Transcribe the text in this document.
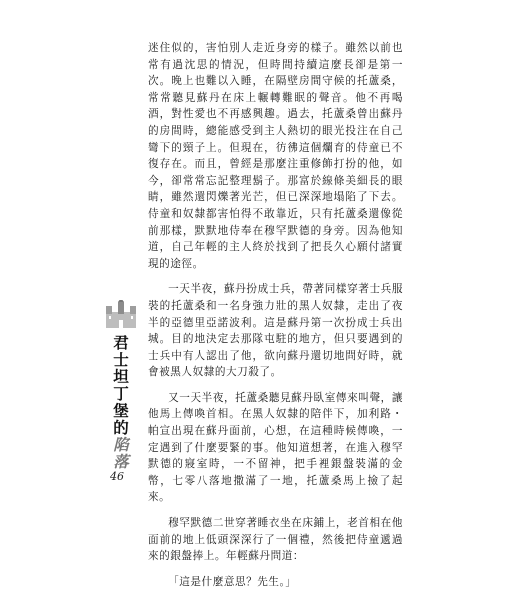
君
士
坦
丁
堡
的
陷
落
46

迷住似的，害怕別人走近身旁的樣子。雖然以前也常有過沈思的情況，但時間持續這麼長卻是第一次。晚上也難以入睡，在隔壁房間守候的托蘆桑，常常聽見蘇丹在床上輾轉難眠的聲音。他不再喝酒，對性愛也不再感興趣。過去，托蘆桑曾出蘇丹的房間時，總能感受到主人熱切的眼光投注在自己彎下的頸子上。但現在，彷彿這個爛育的侍童已不復存在。而且，曾經是那麼注重修飾打扮的他，如今，卻常常忘記整理鬍子。那富於線條美細長的眼睛，雖然還閃爍著光芒，但已深深地塌陷了下去。侍童和奴隸都害怕得不敢靠近，只有托蘆桑還像從前那樣，默默地侍奉在穆罕默德的身旁。因為他知道，自己年輕的主人終於找到了把長久心願付諸實現的途徑。

一天半夜，蘇丹扮成士兵，帶著同樣穿著士兵服裝的托蘆桑和一名身強力壯的黑人奴隸，走出了夜半的亞德里亞諾波利。這是蘇丹第一次扮成士兵出城。目的地決定去那隊屯駐的地方，但只要遇到的士兵中有人認出了他，欲向蘇丹還切地問好時，就會被黑人奴隸的大刀殺了。

又一天半夜，托蘆桑聽見蘇丹臥室傳來叫聲，讓他馬上傳喚首相。在黑人奴隸的陪伴下，加利路・帕宣出現在蘇丹面前，心想，在這種時候傳喚，一定遇到了什麼要緊的事。他知道想著，在進入穆罕默德的寢室時，一不留神，把手裡銀盤裝滿的金幣，七零八落地撒滿了一地，托蘆桑馬上撿了起來。

穆罕默德二世穿著睡衣坐在床鋪上，老首相在他面前的地上低頭深深行了一個禮，然後把侍童遞過來的銀盤捧上。年輕蘇丹問道：

「這是什麼意思？先生。」
